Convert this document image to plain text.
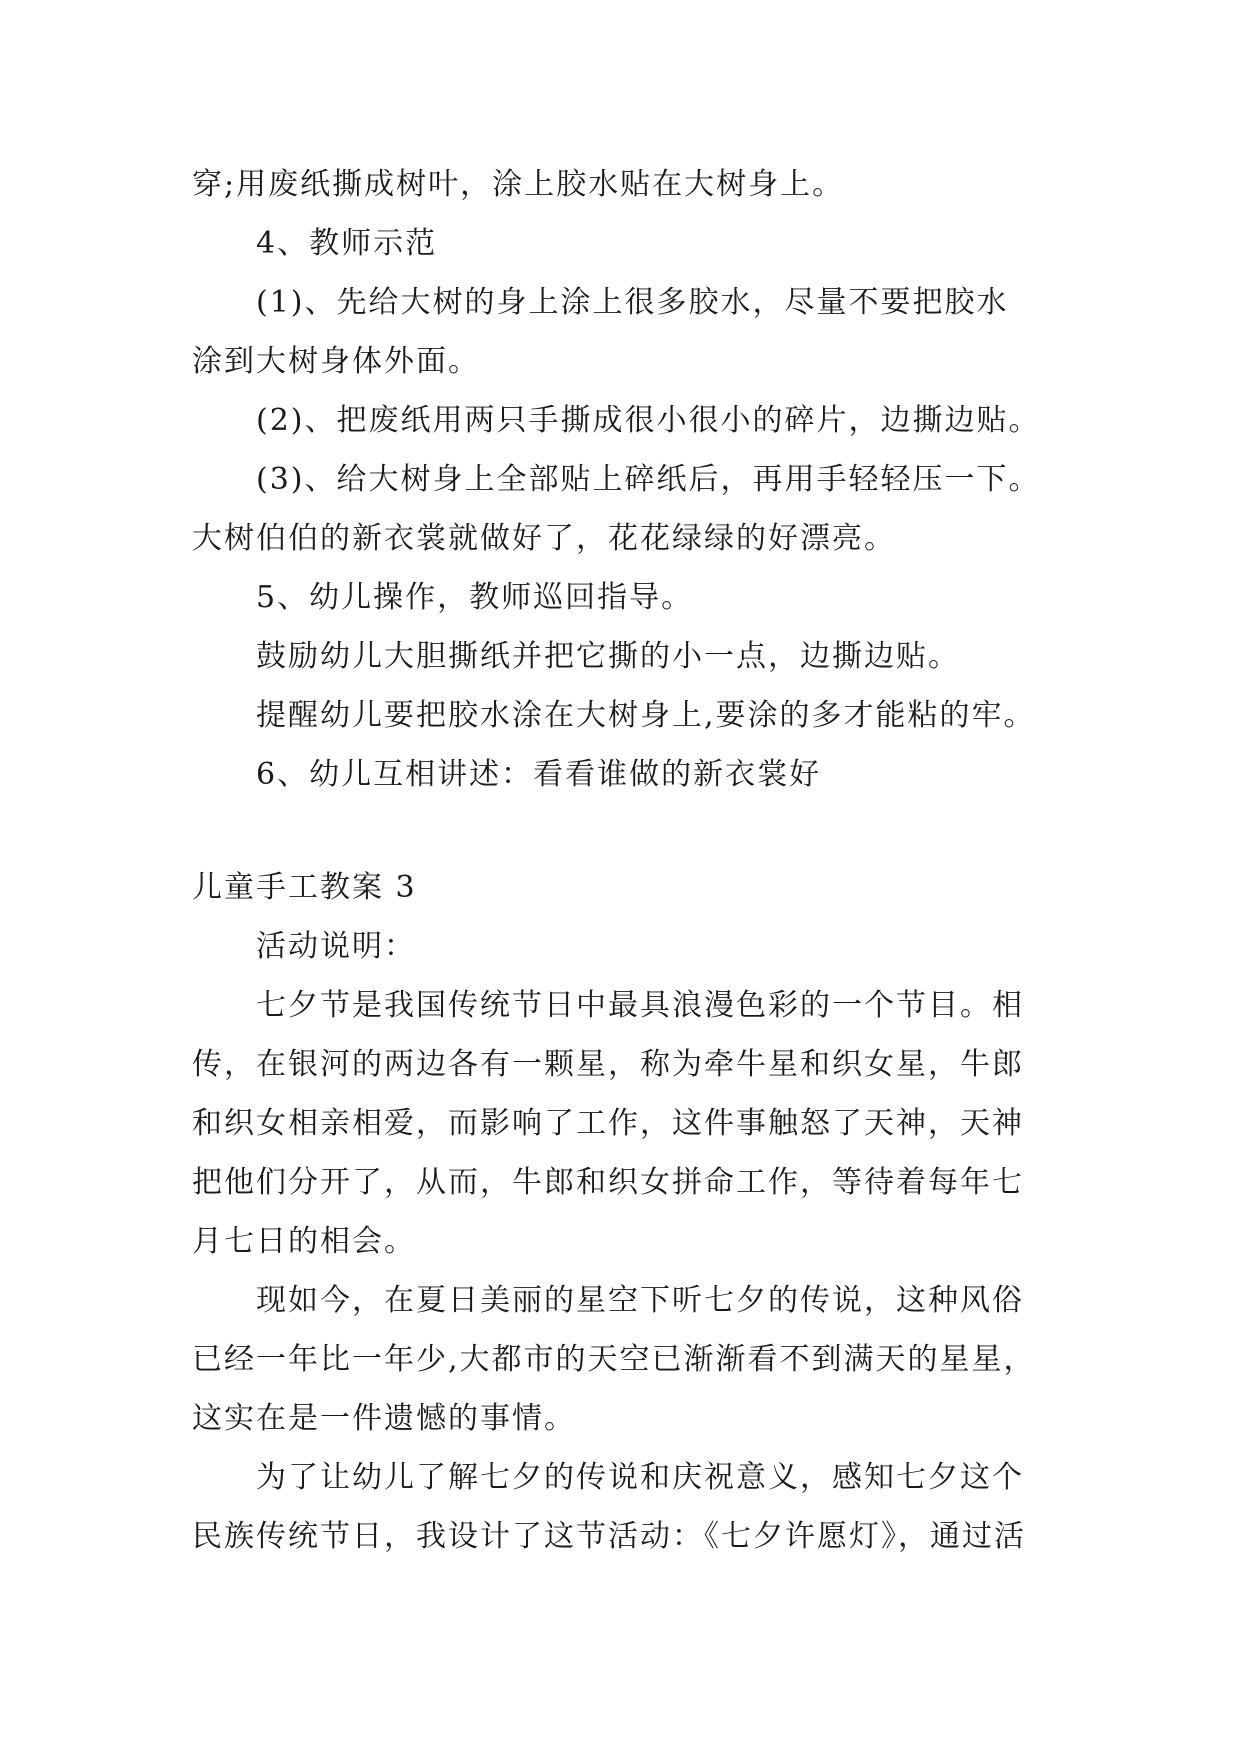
穿;用废纸撕成树叶，涂上胶水贴在大树身上。
4、教师示范
(1)、先给大树的身上涂上很多胶水，尽量不要把胶水
涂到大树身体外面。
(2)、把废纸用两只手撕成很小很小的碎片，边撕边贴。
(3)、给大树身上全部贴上碎纸后，再用手轻轻压一下。
大树伯伯的新衣裳就做好了，花花绿绿的好漂亮。
5、幼儿操作，教师巡回指导。
鼓励幼儿大胆撕纸并把它撕的小一点，边撕边贴。
提醒幼儿要把胶水涂在大树身上,要涂的多才能粘的牢。
6、幼儿互相讲述：看看谁做的新衣裳好
儿童手工教案 3
活动说明：
七夕节是我国传统节日中最具浪漫色彩的一个节目。相
传，在银河的两边各有一颗星，称为牵牛星和织女星，牛郎
和织女相亲相爱，而影响了工作，这件事触怒了天神，天神
把他们分开了，从而，牛郎和织女拼命工作，等待着每年七
月七日的相会。
现如今，在夏日美丽的星空下听七夕的传说，这种风俗
已经一年比一年少,大都市的天空已渐渐看不到满天的星星，
这实在是一件遗憾的事情。
为了让幼儿了解七夕的传说和庆祝意义，感知七夕这个
民族传统节日，我设计了这节活动：《七夕许愿灯》，通过活
